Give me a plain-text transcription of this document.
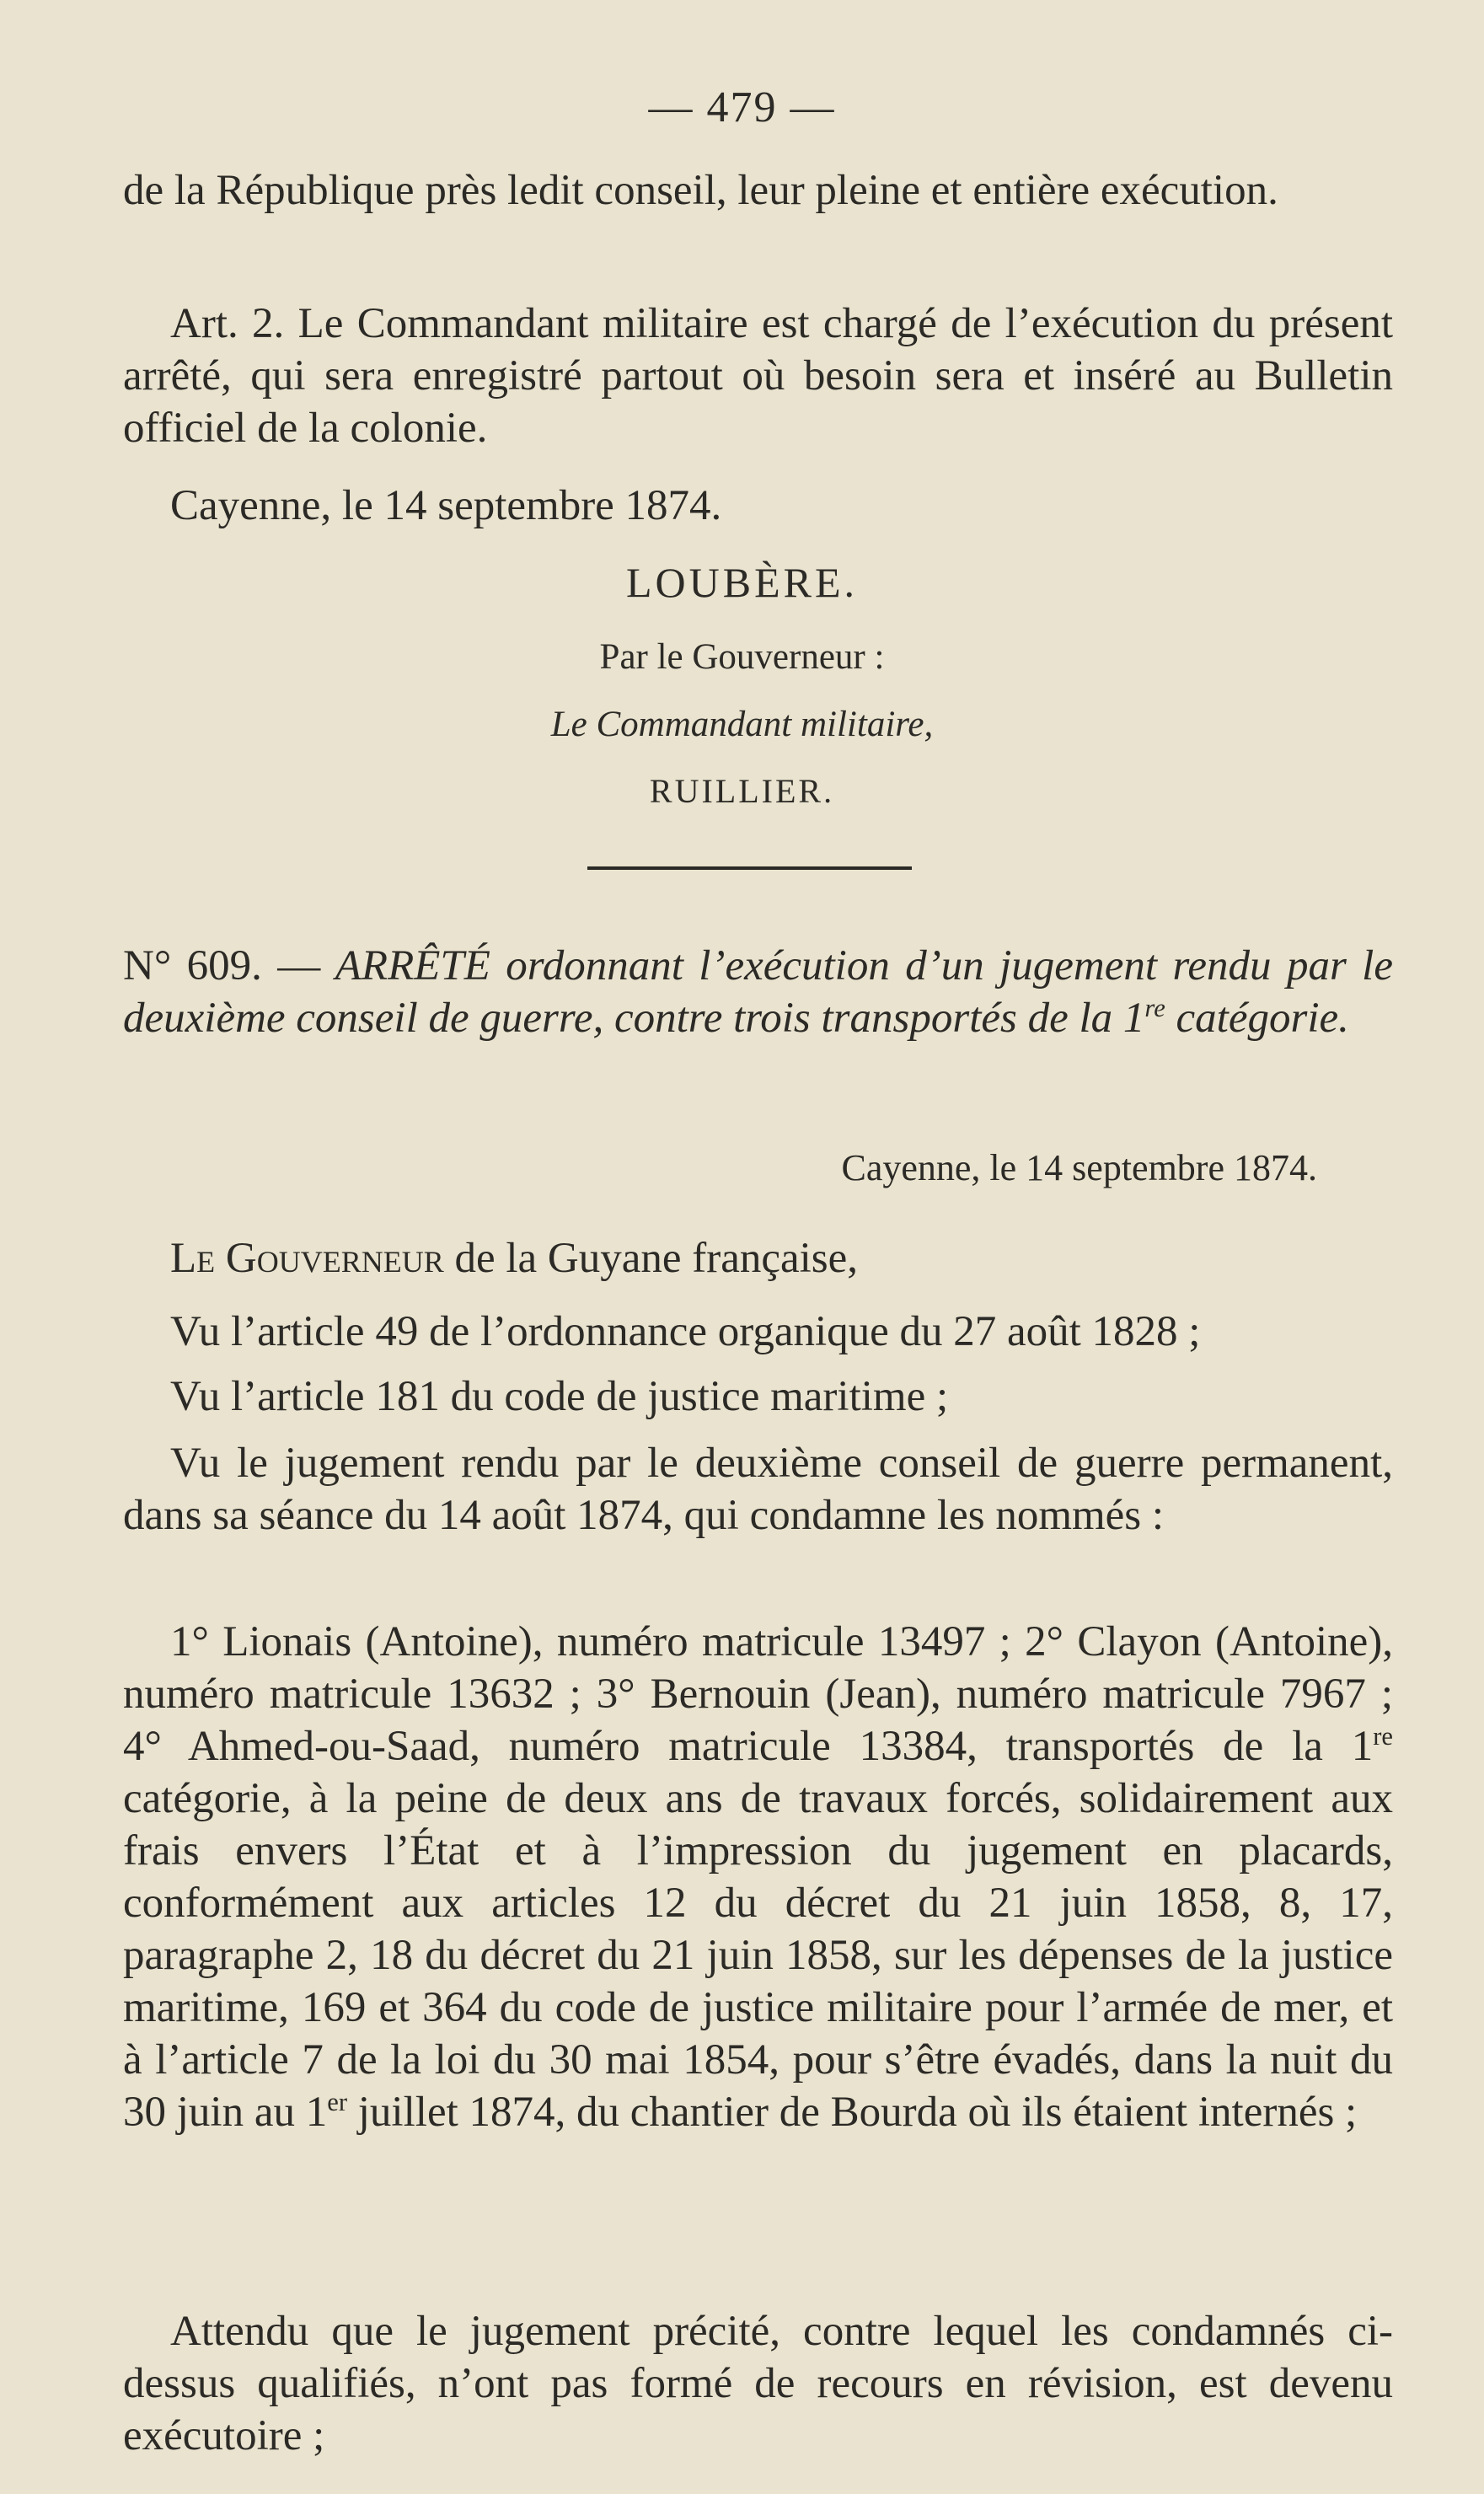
— 479 —

de la République près ledit conseil, leur pleine et entière exécution.

Art. 2. Le Commandant militaire est chargé de l’exécution du présent arrêté, qui sera enregistré partout où besoin sera et inséré au Bulletin officiel de la colonie.

Cayenne, le 14 septembre 1874.

LOUBÈRE.

Par le Gouverneur :

Le Commandant militaire,

RUILLIER.

N° 609. — ARRÊTÉ ordonnant l’exécution d’un jugement rendu par le deuxième conseil de guerre, contre trois transportés de la 1re catégorie.

Cayenne, le 14 septembre 1874.

Le Gouverneur de la Guyane française,

Vu l’article 49 de l’ordonnance organique du 27 août 1828 ;

Vu l’article 181 du code de justice maritime ;

Vu le jugement rendu par le deuxième conseil de guerre permanent, dans sa séance du 14 août 1874, qui condamne les nommés :

1° Lionais (Antoine), numéro matricule 13497 ; 2° Clayon (Antoine), numéro matricule 13632 ; 3° Bernouin (Jean), numéro matricule 7967 ; 4° Ahmed-ou-Saad, numéro matricule 13384, transportés de la 1re catégorie, à la peine de deux ans de travaux forcés, solidairement aux frais envers l’État et à l’impression du jugement en placards, conformément aux articles 12 du décret du 21 juin 1858, 8, 17, paragraphe 2, 18 du décret du 21 juin 1858, sur les dépenses de la justice maritime, 169 et 364 du code de justice militaire pour l’armée de mer, et à l’article 7 de la loi du 30 mai 1854, pour s’être évadés, dans la nuit du 30 juin au 1er juillet 1874, du chantier de Bourda où ils étaient internés ;

Attendu que le jugement précité, contre lequel les condamnés ci-dessus qualifiés, n’ont pas formé de recours en révision, est devenu exécutoire ;
